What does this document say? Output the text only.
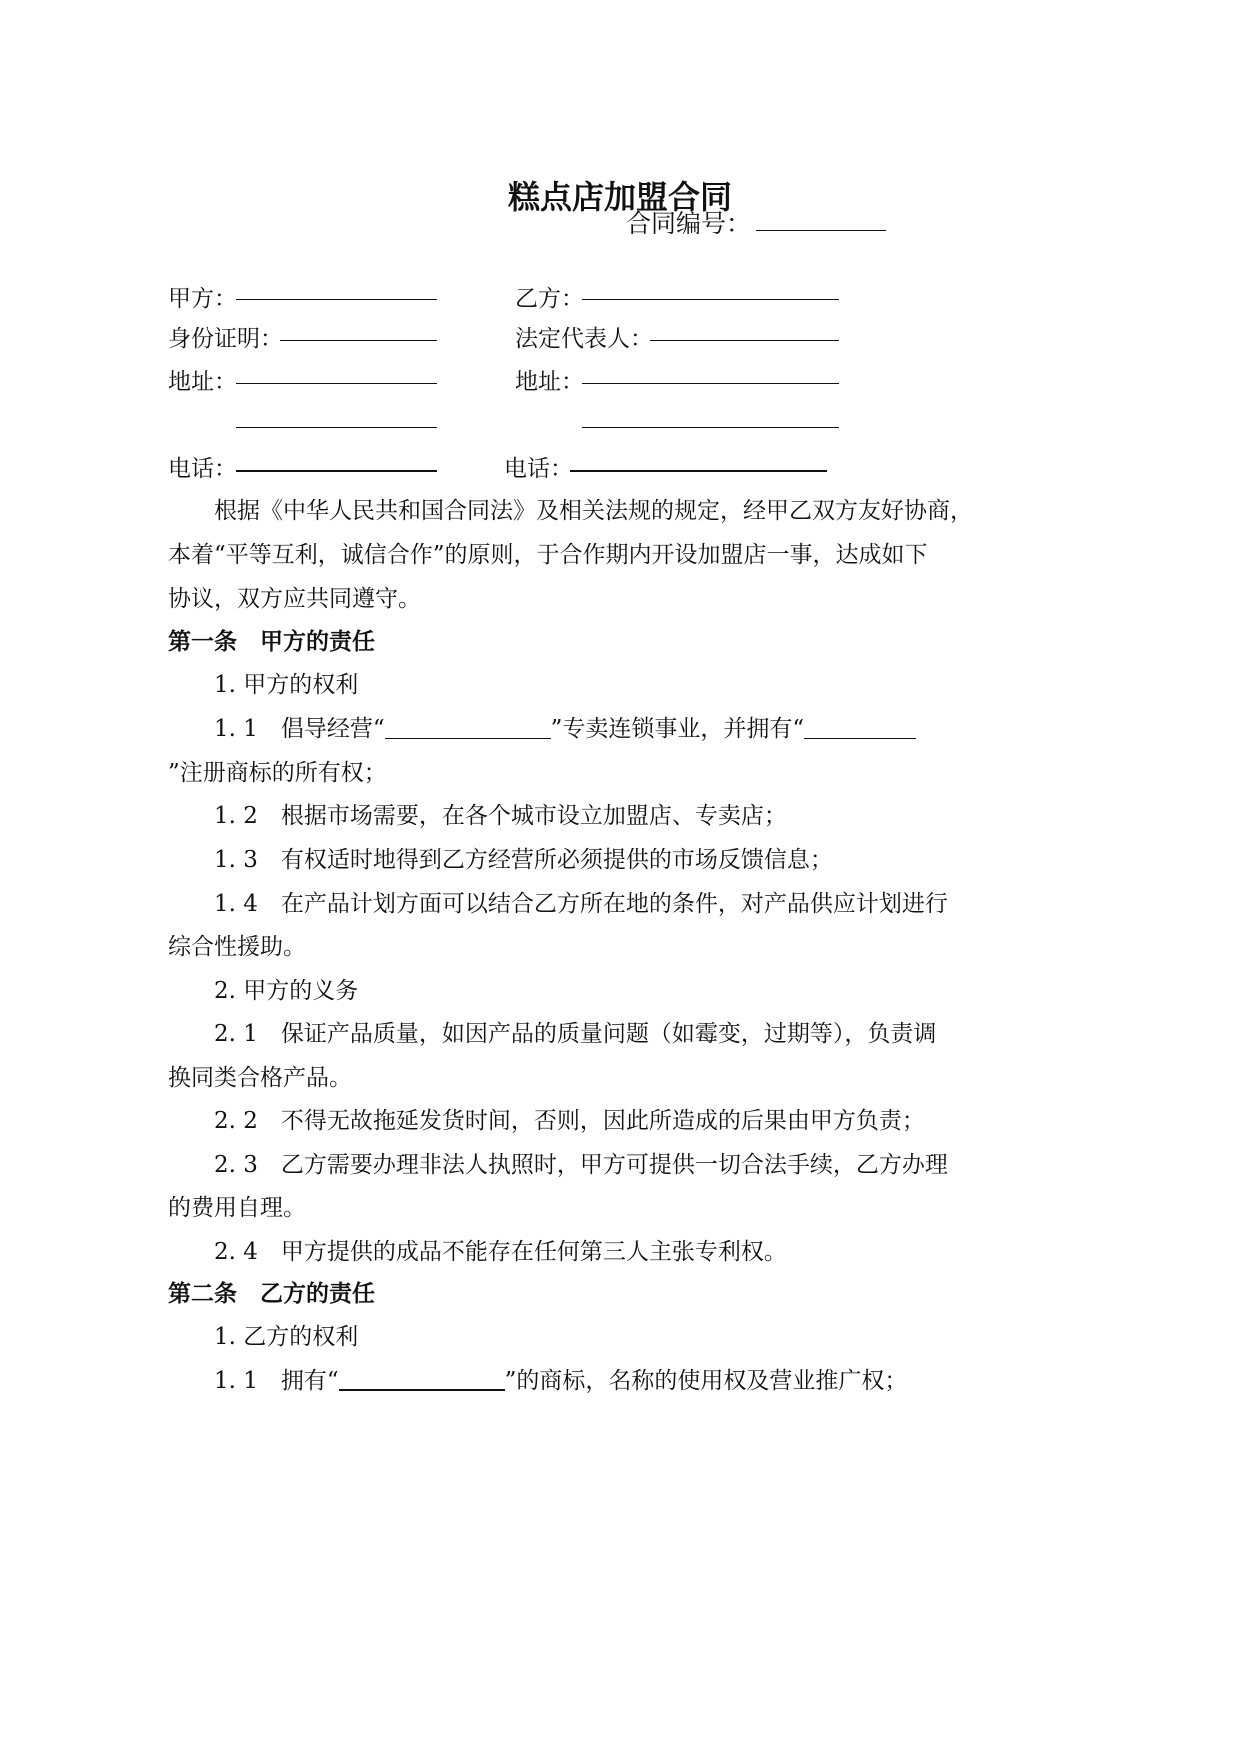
糕点店加盟合同
合同编号：
甲方：	乙方：
身份证明：	法定代表人：
地址：	地址：
电话：	电话：
根据《中华人民共和国合同法》及相关法规的规定，经甲乙双方友好协商，
本着“平等互利，诚信合作”的原则，于合作期内开设加盟店一事，达成如下
协议，双方应共同遵守。
第一条　甲方的责任
1. 甲方的权利
1. 1　倡导经营“	”专卖连锁事业，并拥有“
”注册商标的所有权；
1. 2　根据市场需要，在各个城市设立加盟店、专卖店；
1. 3　有权适时地得到乙方经营所必须提供的市场反馈信息；
1. 4　在产品计划方面可以结合乙方所在地的条件，对产品供应计划进行
综合性援助。
2. 甲方的义务
2. 1　保证产品质量，如因产品的质量问题（如霉变，过期等），负责调
换同类合格产品。
2. 2　不得无故拖延发货时间，否则，因此所造成的后果由甲方负责；
2. 3　乙方需要办理非法人执照时，甲方可提供一切合法手续，乙方办理
的费用自理。
2. 4　甲方提供的成品不能存在任何第三人主张专利权。
第二条　乙方的责任
1. 乙方的权利
1. 1　拥有“	”的商标，名称的使用权及营业推广权；
